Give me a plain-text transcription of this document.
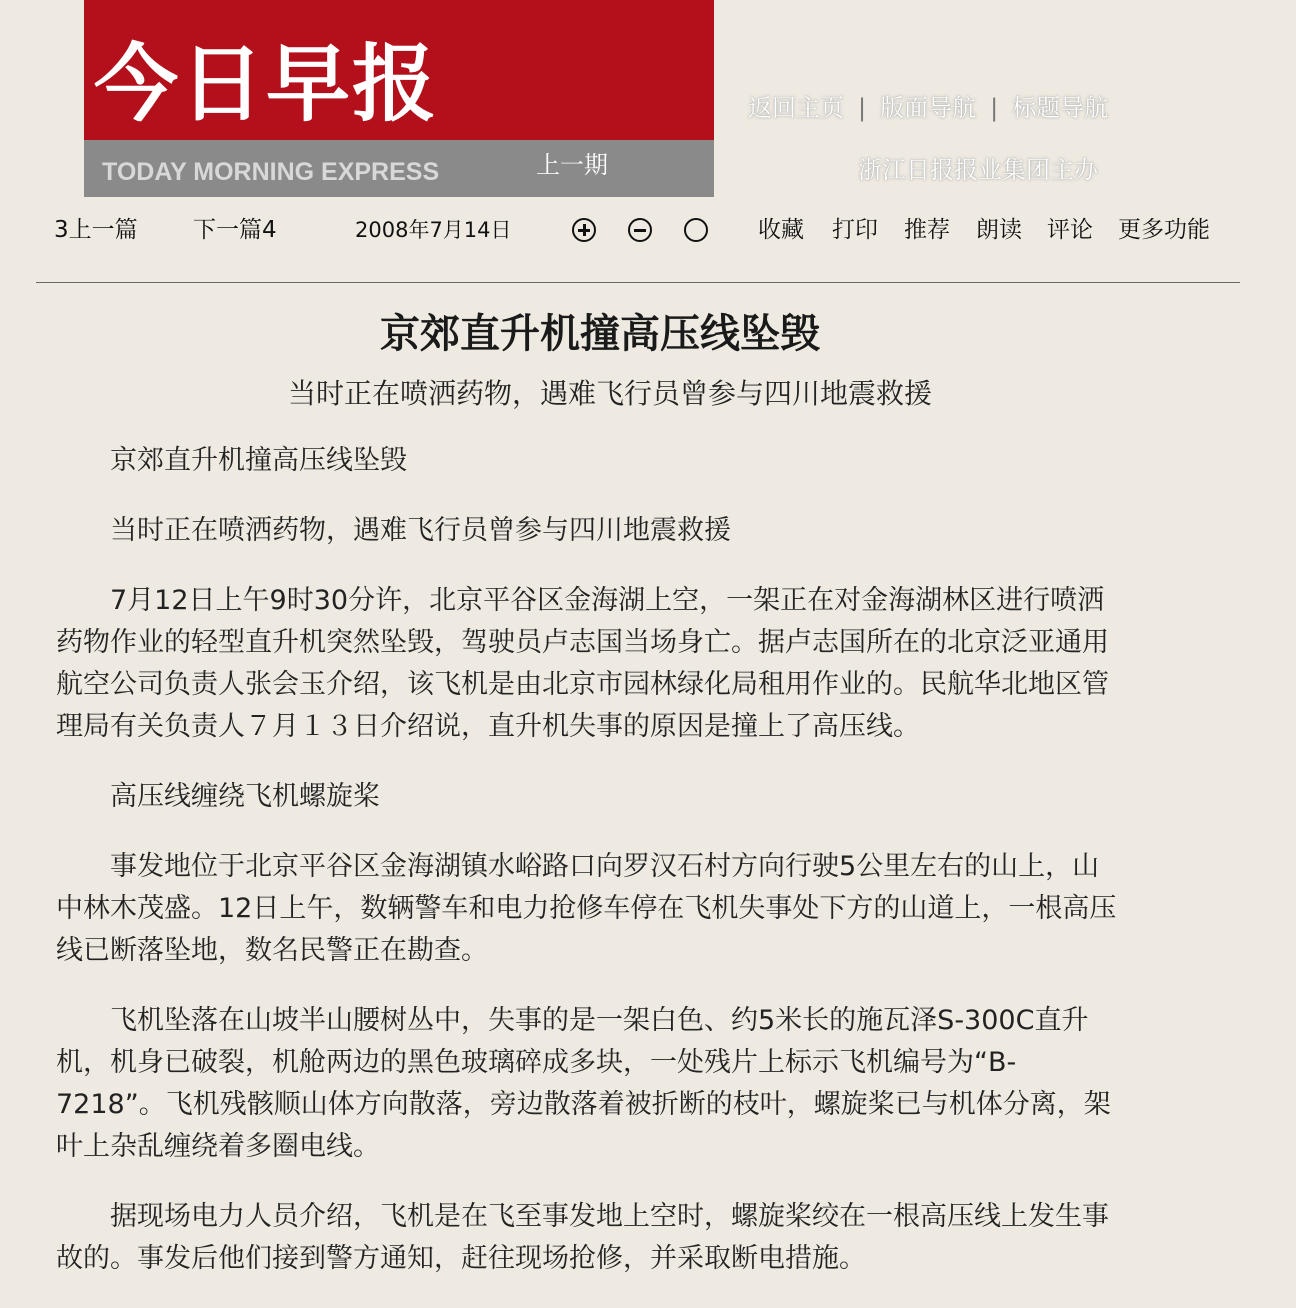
今日早报
TODAY MORNING EXPRESS	上一期
返回主页 | 版面导航 | 标题导航
浙江日报报业集团主办
3上一篇 下一篇4	2008年7月14日	收藏 打印 推荐 朗读 评论 更多功能
京郊直升机撞高压线坠毁
当时正在喷洒药物，遇难飞行员曾参与四川地震救援

京郊直升机撞高压线坠毁

当时正在喷洒药物，遇难飞行员曾参与四川地震救援

7月12日上午9时30分许，北京平谷区金海湖上空，一架正在对金海湖林区进行喷洒药物作业的轻型直升机突然坠毁，驾驶员卢志国当场身亡。据卢志国所在的北京泛亚通用航空公司负责人张会玉介绍，该飞机是由北京市园林绿化局租用作业的。民航华北地区管理局有关负责人７月１３日介绍说，直升机失事的原因是撞上了高压线。

高压线缠绕飞机螺旋桨

事发地位于北京平谷区金海湖镇水峪路口向罗汉石村方向行驶5公里左右的山上，山中林木茂盛。12日上午，数辆警车和电力抢修车停在飞机失事处下方的山道上，一根高压线已断落坠地，数名民警正在勘查。

飞机坠落在山坡半山腰树丛中，失事的是一架白色、约5米长的施瓦泽S-300C直升机，机身已破裂，机舱两边的黑色玻璃碎成多块，一处残片上标示飞机编号为“B-7218”。飞机残骸顺山体方向散落，旁边散落着被折断的枝叶，螺旋桨已与机体分离，架叶上杂乱缠绕着多圈电线。

据现场电力人员介绍，飞机是在飞至事发地上空时，螺旋桨绞在一根高压线上发生事故的。事发后他们接到警方通知，赶往现场抢修，并采取断电措施。
